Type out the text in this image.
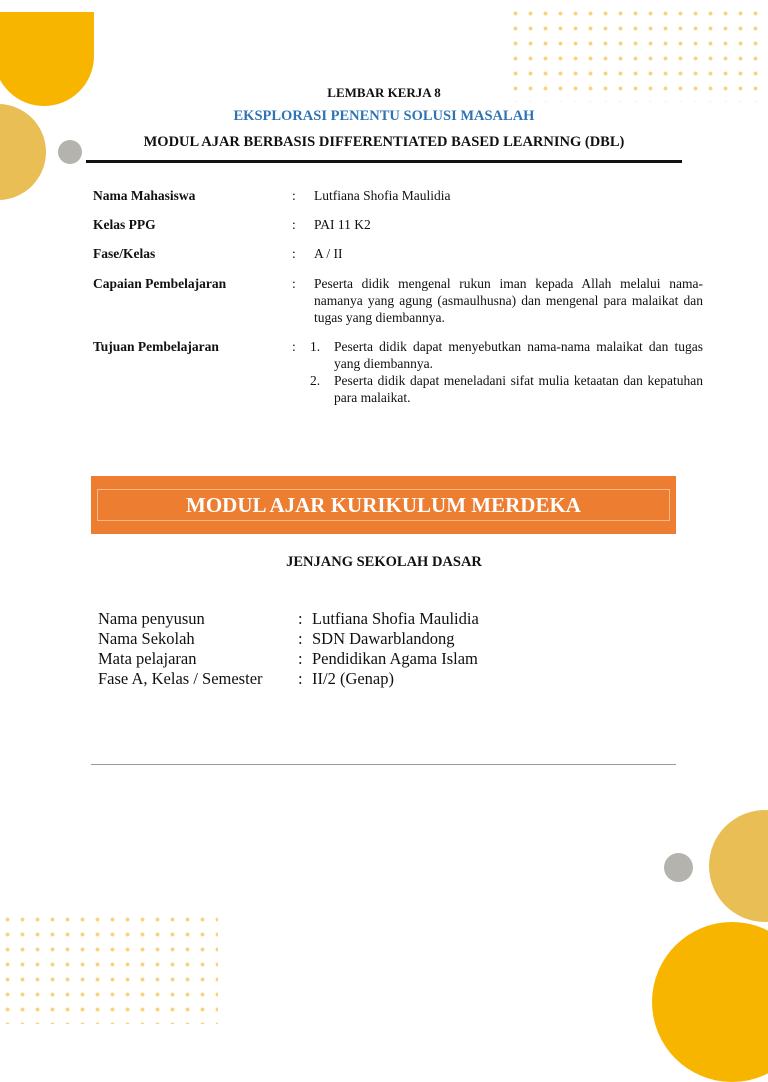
LEMBAR KERJA 8
EKSPLORASI PENENTU SOLUSI MASALAH
MODUL AJAR BERBASIS DIFFERENTIATED BASED LEARNING (DBL)
Nama Mahasiswa	: Lutfiana Shofia Maulidia
Kelas PPG	: PAI 11 K2
Fase/Kelas	: A / II
Capaian Pembelajaran	: Peserta didik mengenal rukun iman kepada Allah melalui nama-namanya yang agung (asmaulhusna) dan mengenal para malaikat dan tugas yang diembannya.
Tujuan Pembelajaran	: 1. Peserta didik dapat menyebutkan nama-nama malaikat dan tugas yang diembannya.
2. Peserta didik dapat meneladani sifat mulia ketaatan dan kepatuhan para malaikat.
MODUL AJAR KURIKULUM MERDEKA
JENJANG SEKOLAH DASAR
Nama penyusun	: Lutfiana Shofia Maulidia
Nama Sekolah	: SDN Dawarblandong
Mata pelajaran	: Pendidikan Agama Islam
Fase A, Kelas / Semester : II/2 (Genap)
